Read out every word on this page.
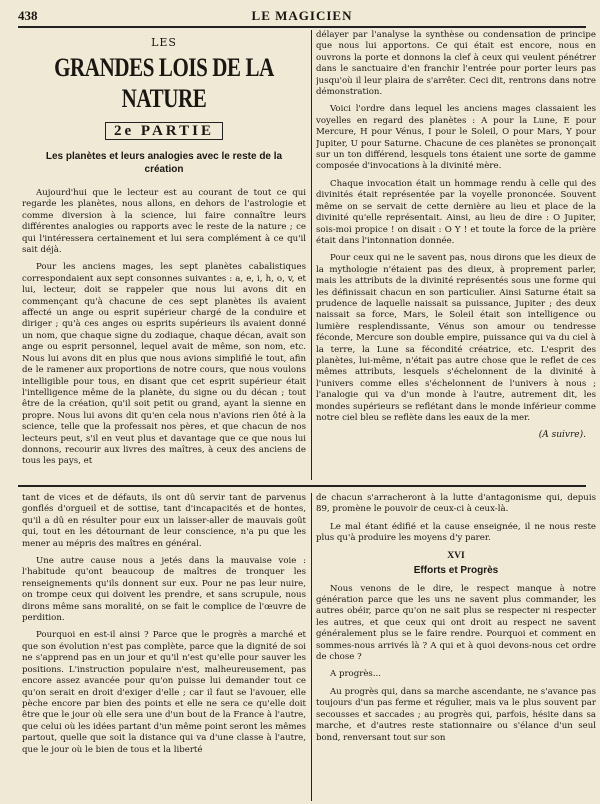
438	LE MAGICIEN
LES
GRANDES LOIS DE LA NATURE
2e PARTIE
Les planètes et leurs analogies avec le reste de la création

Aujourd'hui que le lecteur est au courant de tout ce qui regarde les planètes, nous allons, en dehors de l'astrologie et comme diversion à la science, lui faire connaître leurs différentes analogies ou rapports avec le reste de la nature ; ce qui l'intéressera certainement et lui sera complément à ce qu'il sait déjà.

Pour les anciens mages, les sept planètes cabalistiques correspondaient aux sept consonnes suivantes : a, e, i, h, o, v, et lui, lecteur, doit se rappeler que nous lui avons dit en commençant qu'à chacune de ces sept planètes ils avaient affecté un ange ou esprit supérieur chargé de la conduire et diriger ; qu'à ces anges ou esprits supérieurs ils avaient donné un nom, que chaque signe du zodiaque, chaque décan, avait son ange ou esprit personnel, lequel avait de même, son nom, etc. Nous lui avons dit en plus que nous avions simplifié le tout, afin de le ramener aux proportions de notre cours, que nous voulons intelligible pour tous, en disant que cet esprit supérieur était l'intelligence même de la planète, du signe ou du décan ; tout être de la création, qu'il soit petit ou grand, ayant la sienne en propre. Nous lui avons dit qu'en cela nous n'avions rien ôté à la science, telle que la professait nos pères, et que chacun de nos lecteurs peut, s'il en veut plus et davantage que ce que nous lui donnons, recourir aux livres des maîtres, à ceux des anciens de tous les pays, et

délayer par l'analyse la synthèse ou condensation de principe que nous lui apportons. Ce qui était est encore, nous en ouvrons la porte et donnons la clef à ceux qui veulent pénétrer dans le sanctuaire d'en franchir l'entrée pour porter leurs pas jusqu'où il leur plaira de s'arrêter. Ceci dit, rentrons dans notre démonstration.

Voici l'ordre dans lequel les anciens mages classaient les voyelles en regard des planètes : A pour la Lune, E pour Mercure, H pour Vénus, I pour le Soleil, O pour Mars, Y pour Jupiter, U pour Saturne. Chacune de ces planètes se prononçait sur un ton différend, lesquels tons étaient une sorte de gamme composée d'invocations à la divinité mère.

Chaque invocation était un hommage rendu à celle qui des divinités était représentée par la voyelle prononcée. Souvent même on se servait de cette dernière au lieu et place de la divinité qu'elle représentait. Ainsi, au lieu de dire : O Jupiter, sois-moi propice ! on disait : O Y ! et toute la force de la prière était dans l'intonnation donnée.

Pour ceux qui ne le savent pas, nous dirons que les dieux de la mythologie n'étaient pas des dieux, à proprement parler, mais les attributs de la divinité représentés sous une forme qui les définissait chacun en son particulier. Ainsi Saturne était sa prudence de laquelle naissait sa puissance, Jupiter ; des deux naissait sa force, Mars, le Soleil était son intelligence ou lumière resplendissante, Vénus son amour ou tendresse féconde, Mercure son double empire, puissance qui va du ciel à la terre, la Lune sa fécondité créatrice, etc. L'esprit des planètes, lui-même, n'était pas autre chose que le reflet de ces mêmes attributs, lesquels s'échelonnent de la divinité à l'univers comme elles s'échelonnent de l'univers à nous ; l'analogie qui va d'un monde à l'autre, autrement dit, les mondes supérieurs se reflétant dans le monde inférieur comme notre ciel bleu se reflète dans les eaux de la mer.

(A suivre).

tant de vices et de défauts, ils ont dû servir tant de parvenus gonflés d'orgueil et de sottise, tant d'incapacités et de hontes, qu'il a dû en résulter pour eux un laisser-aller de mauvais goût qui, tout en les détournant de leur conscience, n'a pu que les mener au mépris des maîtres en général.

Une autre cause nous a jetés dans la mauvaise voie : l'habitude qu'ont beaucoup de maîtres de tronquer les renseignements qu'ils donnent sur eux. Pour ne pas leur nuire, on trompe ceux qui doivent les prendre, et sans scrupule, nous dirons même sans moralité, on se fait le complice de l'œuvre de perdition.

Pourquoi en est-il ainsi ? Parce que le progrès a marché et que son évolution n'est pas complète, parce que la dignité de soi ne s'apprend pas en un jour et qu'il n'est qu'elle pour sauver les positions. L'instruction populaire n'est, malheureusement, pas encore assez avancée pour qu'on puisse lui demander tout ce qu'on serait en droit d'exiger d'elle ; car il faut se l'avouer, elle pèche encore par bien des points et elle ne sera ce qu'elle doit être que le jour où elle sera une d'un bout de la France à l'autre, que celui où les idées partant d'un même point seront les mêmes partout, quelle que soit la distance qui va d'une classe à l'autre, que le jour où le bien de tous et la liberté

de chacun s'arracheront à la lutte d'antagonisme qui, depuis 89, promène le pouvoir de ceux-ci à ceux-là.

Le mal étant édifié et la cause enseignée, il ne nous reste plus qu'à produire les moyens d'y parer.

XVI
Efforts et Progrès

Nous venons de le dire, le respect manque à notre génération parce que les uns ne savent plus commander, les autres obéir, parce qu'on ne sait plus se respecter ni respecter les autres, et que ceux qui ont droit au respect ne savent généralement plus se le faire rendre. Pourquoi et comment en sommes-nous arrivés là ? A qui et à quoi devons-nous cet ordre de chose ?

A progrès...

Au progrès qui, dans sa marche ascendante, ne s'avance pas toujours d'un pas ferme et régulier, mais va le plus souvent par secousses et saccades ; au progrès qui, parfois, hésite dans sa marche, et d'autres reste stationnaire ou s'élance d'un seul bond, renversant tout sur son
